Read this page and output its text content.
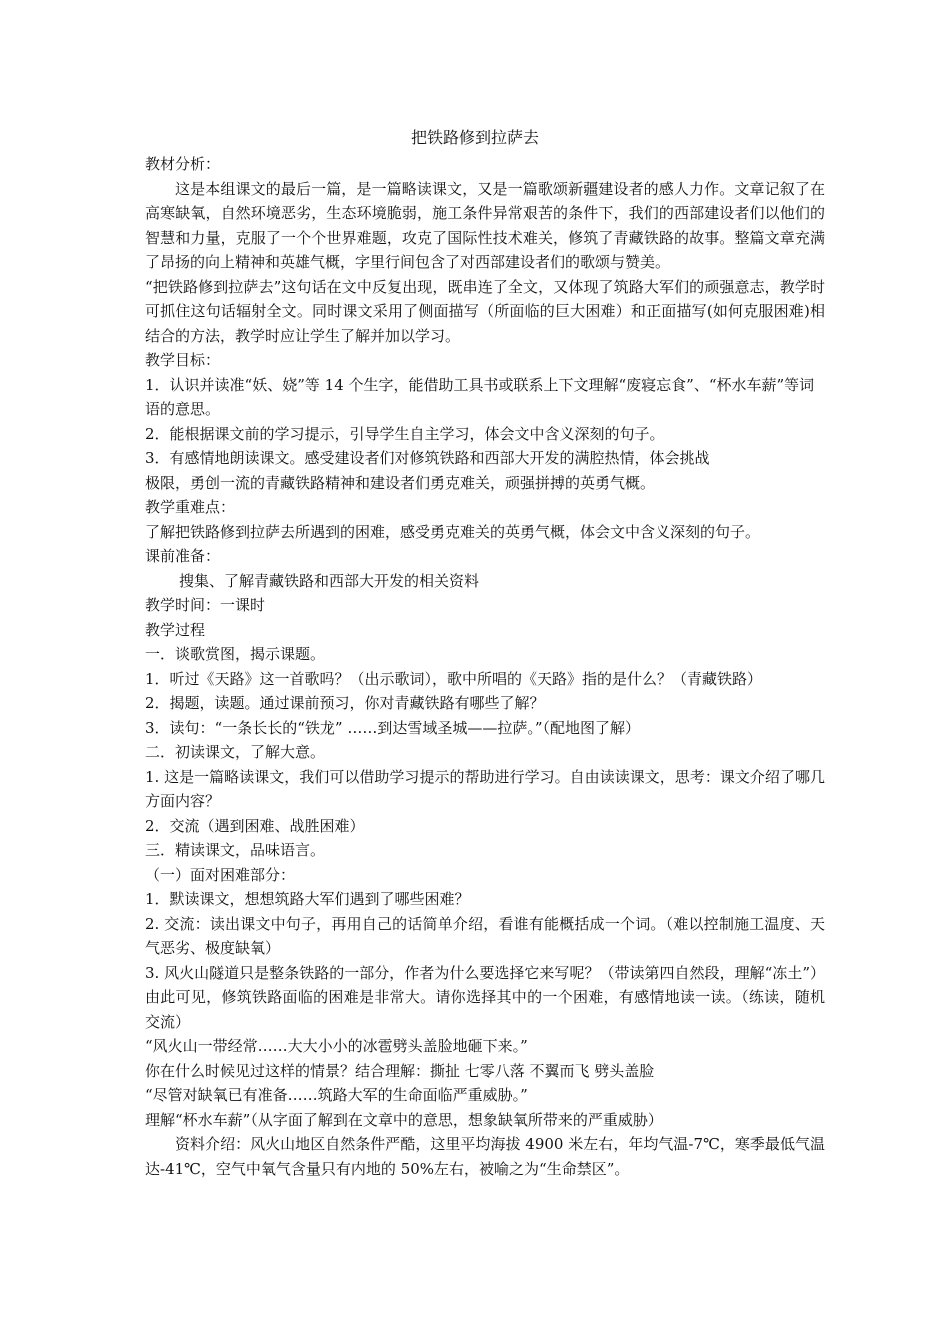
把铁路修到拉萨去

教材分析：

这是本组课文的最后一篇，是一篇略读课文，又是一篇歌颂新疆建设者的感人力作。文章记叙了在高寒缺氧，自然环境恶劣，生态环境脆弱，施工条件异常艰苦的条件下，我们的西部建设者们以他们的智慧和力量，克服了一个个世界难题，攻克了国际性技术难关，修筑了青藏铁路的故事。整篇文章充满了昂扬的向上精神和英雄气概，字里行间包含了对西部建设者们的歌颂与赞美。

“把铁路修到拉萨去”这句话在文中反复出现，既串连了全文，又体现了筑路大军们的顽强意志，教学时可抓住这句话辐射全文。同时课文采用了侧面描写（所面临的巨大困难）和正面描写(如何克服困难)相结合的方法，教学时应让学生了解并加以学习。

教学目标：

1．认识并读准“妖、娆”等 14 个生字，能借助工具书或联系上下文理解“废寝忘食”、“杯水车薪”等词语的意思。

2．能根据课文前的学习提示，引导学生自主学习，体会文中含义深刻的句子。

3．有感情地朗读课文。感受建设者们对修筑铁路和西部大开发的满腔热情，体会挑战

极限，勇创一流的青藏铁路精神和建设者们勇克难关，顽强拼搏的英勇气概。

教学重难点：

了解把铁路修到拉萨去所遇到的困难，感受勇克难关的英勇气概，体会文中含义深刻的句子。

课前准备：

搜集、了解青藏铁路和西部大开发的相关资料

教学时间：一课时

教学过程

一．谈歌赏图，揭示课题。

1．听过《天路》这一首歌吗？（出示歌词），歌中所唱的《天路》指的是什么？（青藏铁路）

2．揭题，读题。通过课前预习，你对青藏铁路有哪些了解？

3．读句：“一条长长的“铁龙” ……到达雪域圣城——拉萨。”（配地图了解）

二．初读课文，了解大意。

1. 这是一篇略读课文，我们可以借助学习提示的帮助进行学习。自由读读课文，思考：课文介绍了哪几方面内容？

2．交流（遇到困难、战胜困难）

三．精读课文，品味语言。

（一）面对困难部分：

1．默读课文，想想筑路大军们遇到了哪些困难？

2. 交流：读出课文中句子，再用自己的话简单介绍，看谁有能概括成一个词。（难以控制施工温度、天气恶劣、极度缺氧）

3. 风火山隧道只是整条铁路的一部分，作者为什么要选择它来写呢？（带读第四自然段，理解“冻土”）由此可见，修筑铁路面临的困难是非常大。请你选择其中的一个困难，有感情地读一读。（练读，随机交流）

“风火山一带经常……大大小小的冰雹劈头盖脸地砸下来。”

你在什么时候见过这样的情景？结合理解：撕扯 七零八落 不翼而飞 劈头盖脸

“尽管对缺氧已有准备……筑路大军的生命面临严重威胁。”

理解“杯水车薪”（从字面了解到在文章中的意思，想象缺氧所带来的严重威胁）

资料介绍：风火山地区自然条件严酷，这里平均海拔 4900 米左右，年均气温-7℃，寒季最低气温达-41℃，空气中氧气含量只有内地的 50%左右，被喻之为“生命禁区”。
